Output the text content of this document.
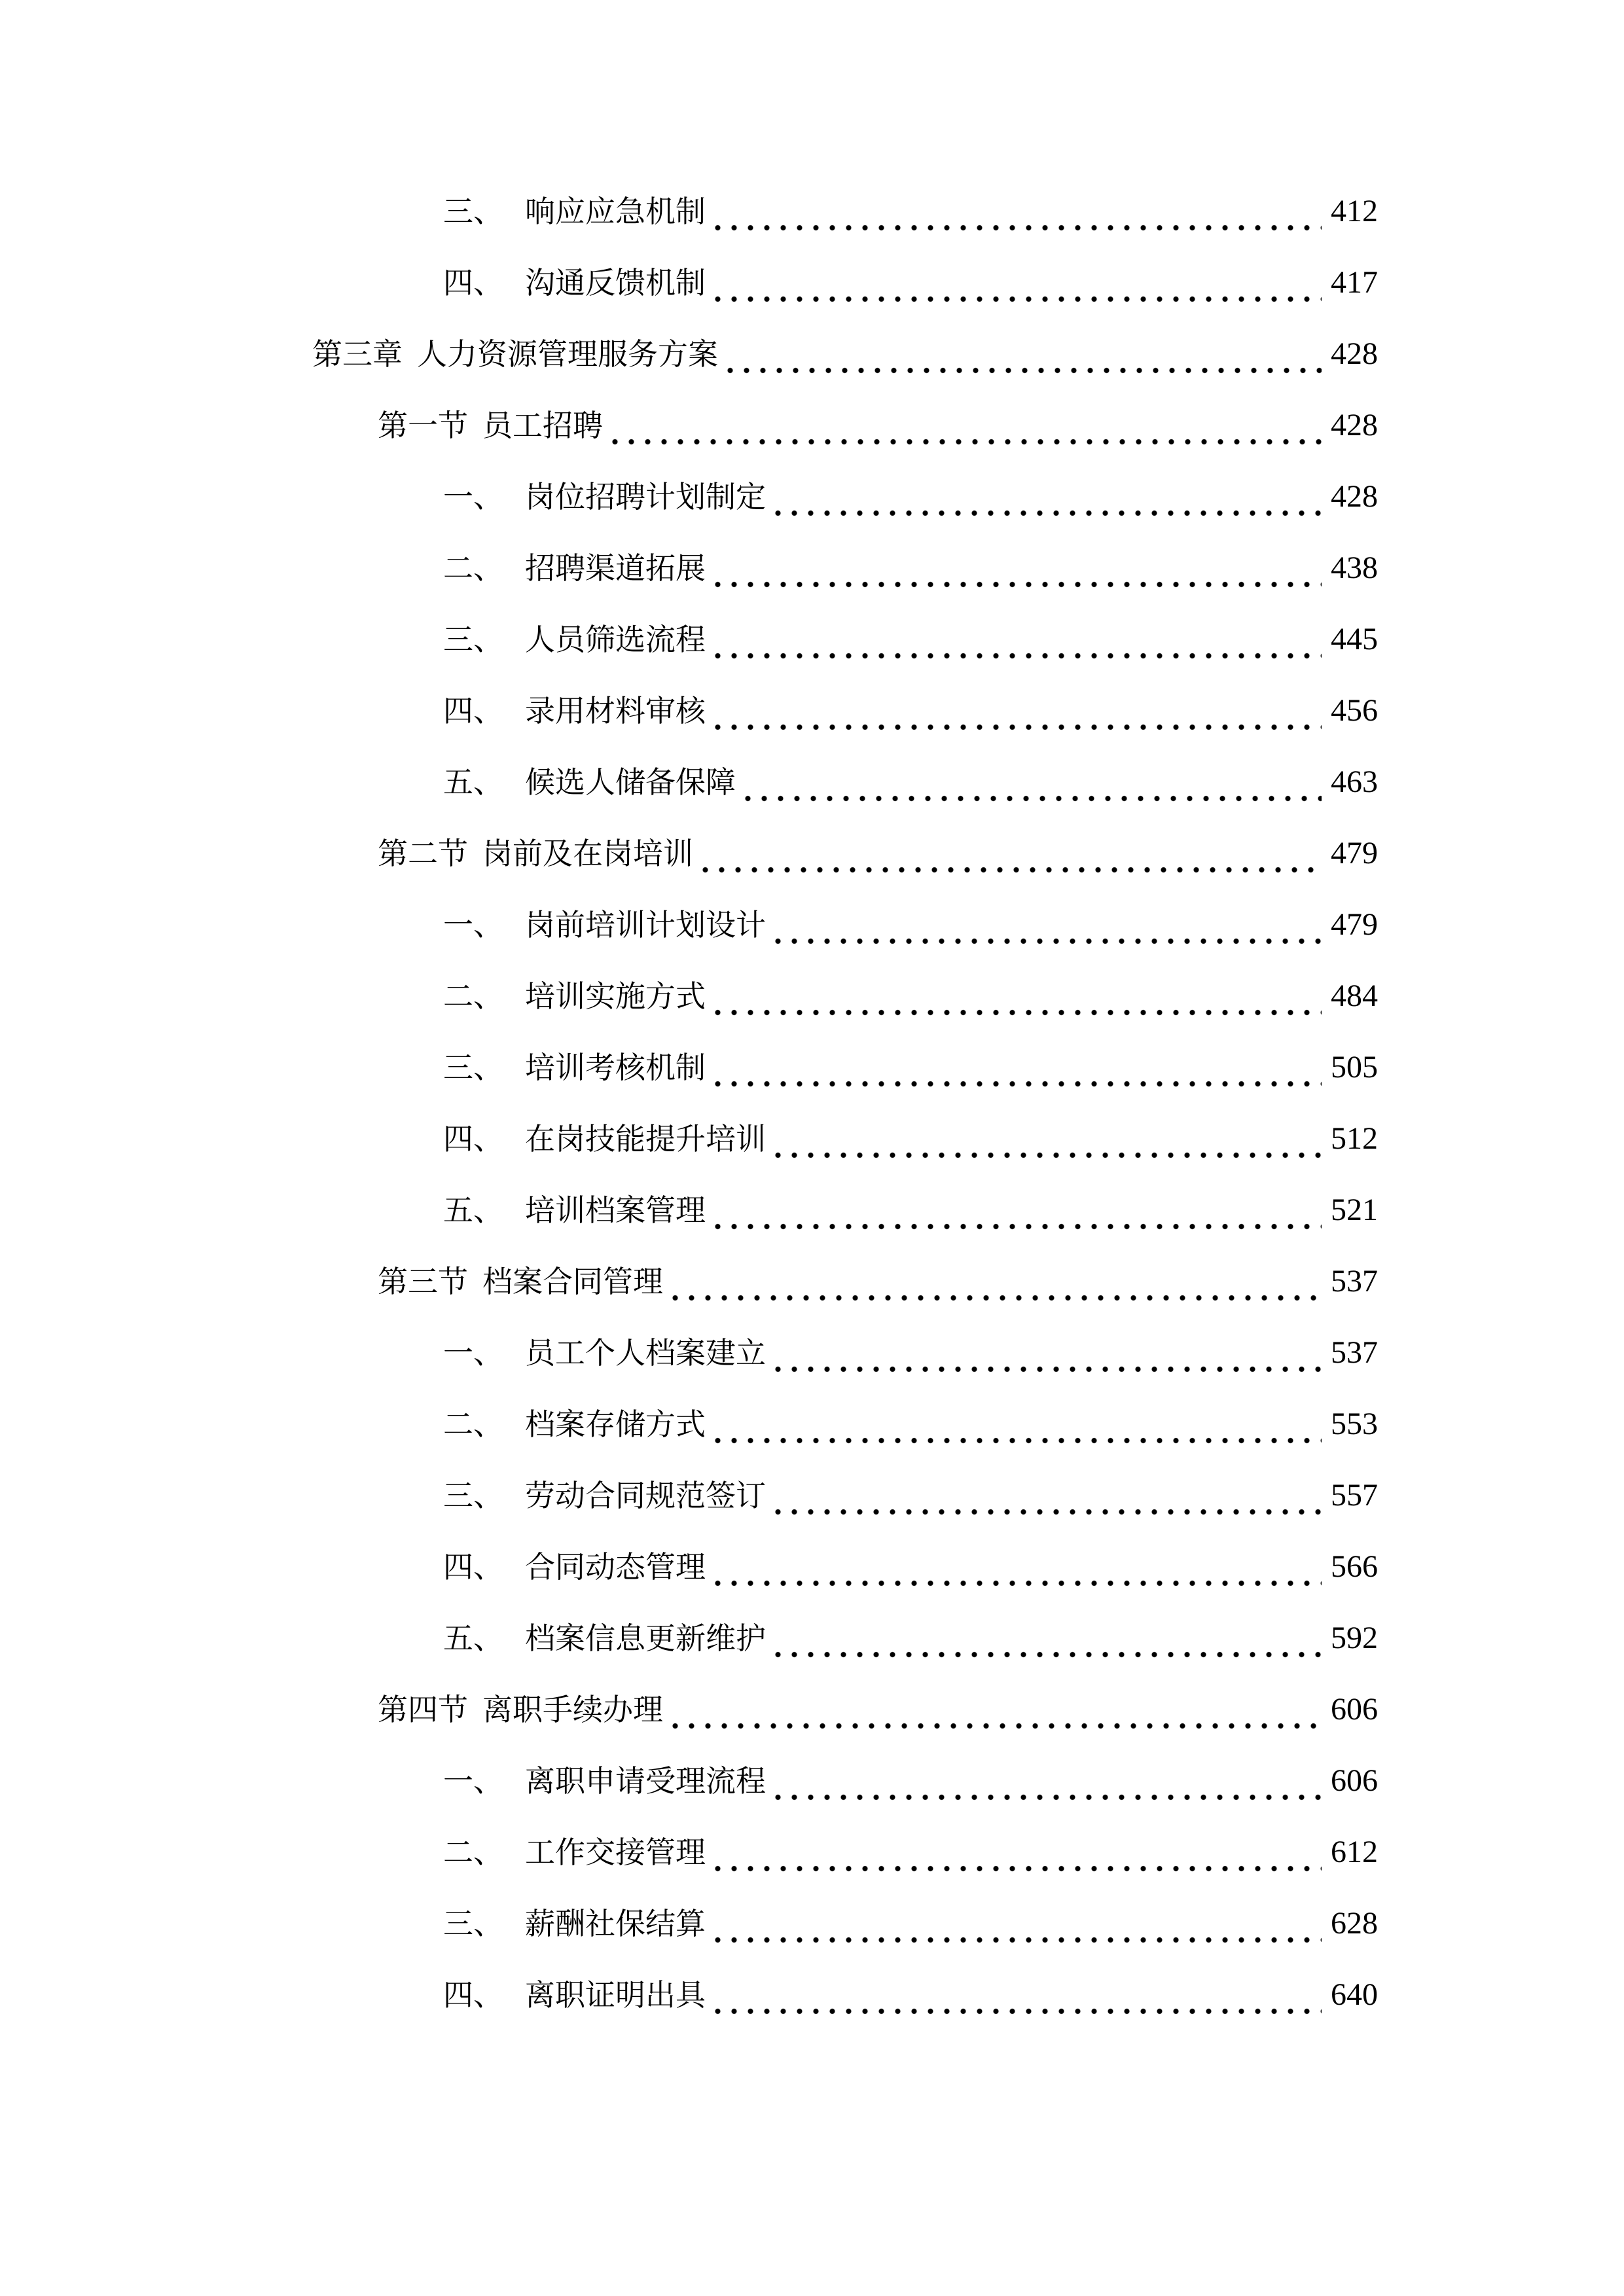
三、 响应应急机制	412
四、 沟通反馈机制	417
第三章 人力资源管理服务方案	428
第一节 员工招聘	428
一、 岗位招聘计划制定	428
二、 招聘渠道拓展	438
三、 人员筛选流程	445
四、 录用材料审核	456
五、 候选人储备保障	463
第二节 岗前及在岗培训	479
一、 岗前培训计划设计	479
二、 培训实施方式	484
三、 培训考核机制	505
四、 在岗技能提升培训	512
五、 培训档案管理	521
第三节 档案合同管理	537
一、 员工个人档案建立	537
二、 档案存储方式	553
三、 劳动合同规范签订	557
四、 合同动态管理	566
五、 档案信息更新维护	592
第四节 离职手续办理	606
一、 离职申请受理流程	606
二、 工作交接管理	612
三、 薪酬社保结算	628
四、 离职证明出具	640
